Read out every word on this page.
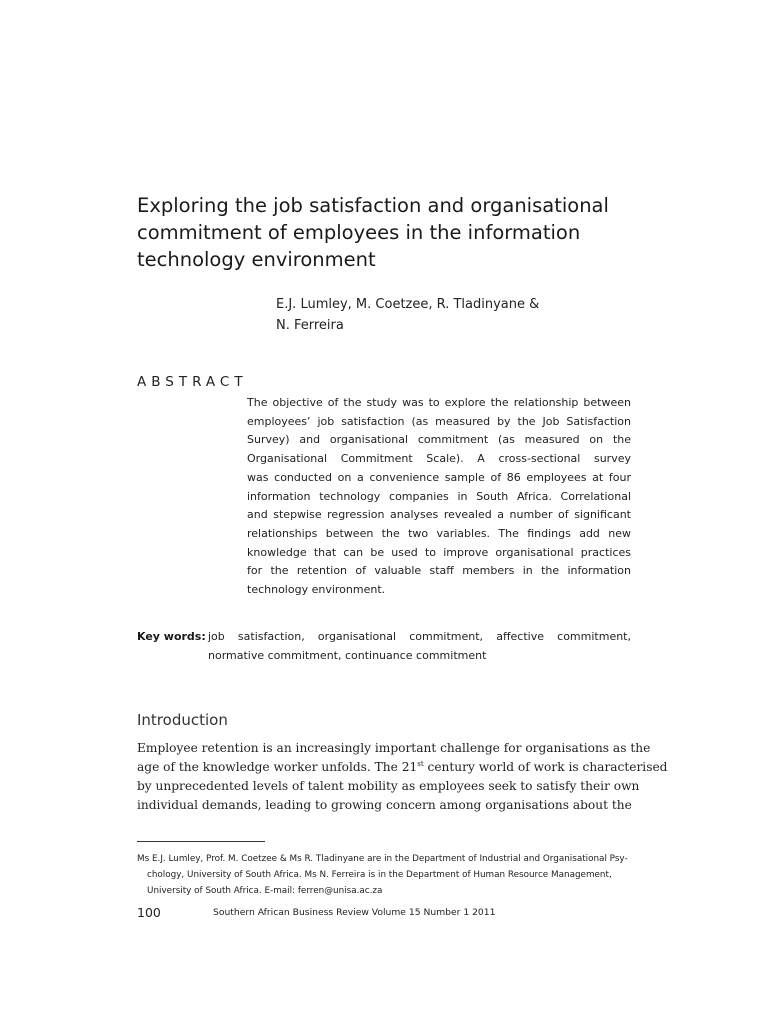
Exploring the job satisfaction and organisational
commitment of employees in the information
technology environment
E.J. Lumley, M. Coetzee, R. Tladinyane &
N. Ferreira
ABSTRACT
The objective of the study was to explore the relationship between
employees’ job satisfaction (as measured by the Job Satisfaction
Survey) and organisational commitment (as measured on the
Organisational Commitment Scale). A cross-sectional survey
was conducted on a convenience sample of 86 employees at four
information technology companies in South Africa. Correlational
and stepwise regression analyses revealed a number of significant
relationships between the two variables. The findings add new
knowledge that can be used to improve organisational practices
for the retention of valuable staff members in the information
technology environment.
Key words: job satisfaction, organisational commitment, affective commitment,
normative commitment, continuance commitment
Introduction
Employee retention is an increasingly important challenge for organisations as the
age of the knowledge worker unfolds. The 21st century world of work is characterised
by unprecedented levels of talent mobility as employees seek to satisfy their own
individual demands, leading to growing concern among organisations about the
Ms E.J. Lumley, Prof. M. Coetzee & Ms R. Tladinyane are in the Department of Industrial and Organisational Psy-
chology, University of South Africa. Ms N. Ferreira is in the Department of Human Resource Management,
University of South Africa. E-mail: ferren@unisa.ac.za
100	Southern African Business Review Volume 15 Number 1 2011
